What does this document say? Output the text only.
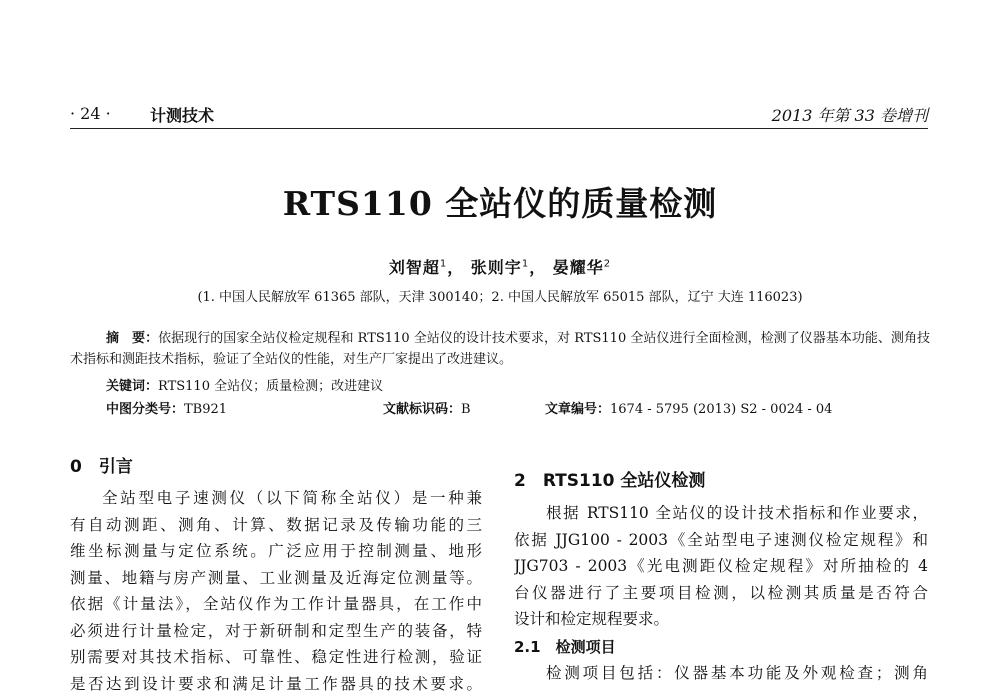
· 24 · 计测技术	2013 年第 33 卷增刊
RTS110 全站仪的质量检测
刘智超$^1$， 张则宇$^1$， 晏耀华$^2$
(1. 中国人民解放军 61365 部队，天津 300140；2. 中国人民解放军 65015 部队，辽宁 大连 116023)
摘　要：依据现行的国家全站仪检定规程和 RTS110 全站仪的设计技术要求，对 RTS110 全站仪进行全面检测，检测了仪器基本功能、测角技术指标和测距技术指标，验证了全站仪的性能，对生产厂家提出了改进建议。
关键词：RTS110 全站仪；质量检测；改进建议
中图分类号：TB921	文献标识码：B	文章编号：1674 - 5795 (2013) S2 - 0024 - 04
0　引言
全站型电子速测仪（以下简称全站仪）是一种兼
有自动测距、测角、计算、数据记录及传输功能的三
维坐标测量与定位系统。广泛应用于控制测量、地形
测量、地籍与房产测量、工业测量及近海定位测量等。
依据《计量法》，全站仪作为工作计量器具，在工作中
必须进行计量检定，对于新研制和定型生产的装备，特
别需要对其技术指标、可靠性、稳定性进行检测，验证
是否达到设计要求和满足计量工作器具的技术要求。
2　RTS110 全站仪检测
根据 RTS110 全站仪的设计技术指标和作业要求，
依据 JJG100 - 2003《全站型电子速测仪检定规程》和
JJG703 - 2003《光电测距仪检定规程》对所抽检的 4
台仪器进行了主要项目检测，以检测其质量是否符合
设计和检定规程要求。
2.1　检测项目
检测项目包括：仪器基本功能及外观检查；测角
